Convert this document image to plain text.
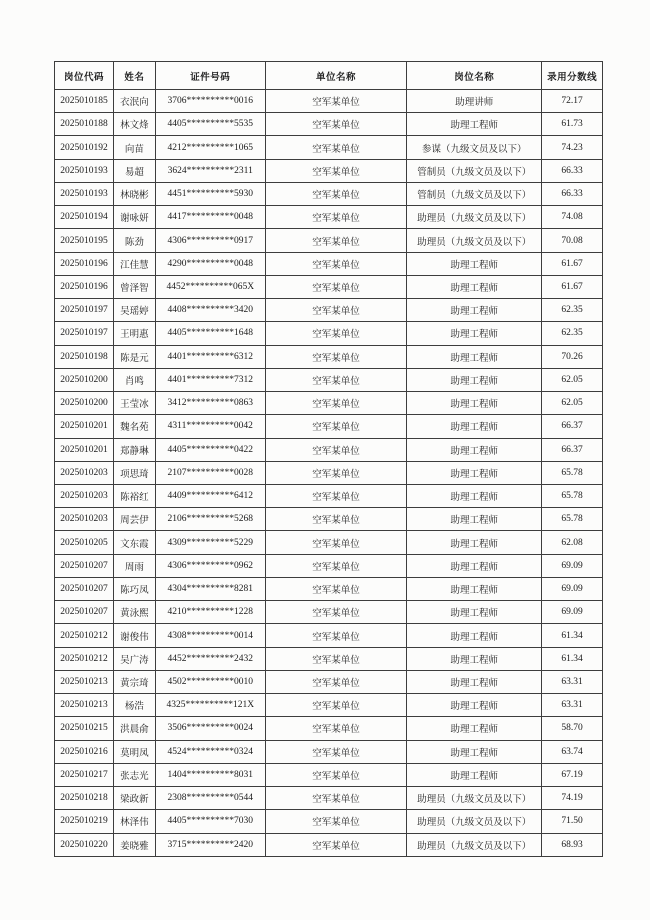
岗位代码	姓名	证件号码	单位名称	岗位名称	录用分数线
2025010185	衣泯向	3706**********0016	空军某单位	助理讲师	72.17
2025010188	林文烽	4405**********5535	空军某单位	助理工程师	61.73
2025010192	向苗	4212**********1065	空军某单位	参谋（九级文员及以下）	74.23
2025010193	易超	3624**********2311	空军某单位	管制员（九级文员及以下）	66.33
2025010193	林晓彬	4451**********5930	空军某单位	管制员（九级文员及以下）	66.33
2025010194	谢咏妍	4417**********0048	空军某单位	助理员（九级文员及以下）	74.08
2025010195	陈劲	4306**********0917	空军某单位	助理员（九级文员及以下）	70.08
2025010196	江佳慧	4290**********0048	空军某单位	助理工程师	61.67
2025010196	曾泽智	4452**********065X	空军某单位	助理工程师	61.67
2025010197	吴瑶婷	4408**********3420	空军某单位	助理工程师	62.35
2025010197	王明惠	4405**********1648	空军某单位	助理工程师	62.35
2025010198	陈是元	4401**********6312	空军某单位	助理工程师	70.26
2025010200	肖鸣	4401**********7312	空军某单位	助理工程师	62.05
2025010200	王莹冰	3412**********0863	空军某单位	助理工程师	62.05
2025010201	魏名苑	4311**********0042	空军某单位	助理工程师	66.37
2025010201	郑静琳	4405**********0422	空军某单位	助理工程师	66.37
2025010203	项思琦	2107**********0028	空军某单位	助理工程师	65.78
2025010203	陈裕红	4409**********6412	空军某单位	助理工程师	65.78
2025010203	周芸伊	2106**********5268	空军某单位	助理工程师	65.78
2025010205	文东霞	4309**********5229	空军某单位	助理工程师	62.08
2025010207	周雨	4306**********0962	空军某单位	助理工程师	69.09
2025010207	陈巧凤	4304**********8281	空军某单位	助理工程师	69.09
2025010207	黄泳熙	4210**********1228	空军某单位	助理工程师	69.09
2025010212	谢俊伟	4308**********0014	空军某单位	助理工程师	61.34
2025010212	吴广涛	4452**********2432	空军某单位	助理工程师	61.34
2025010213	黄宗琦	4502**********0010	空军某单位	助理工程师	63.31
2025010213	杨浩	4325**********121X	空军某单位	助理工程师	63.31
2025010215	洪晨俞	3506**********0024	空军某单位	助理工程师	58.70
2025010216	莫明凤	4524**********0324	空军某单位	助理工程师	63.74
2025010217	张志光	1404**********8031	空军某单位	助理工程师	67.19
2025010218	梁政新	2308**********0544	空军某单位	助理员（九级文员及以下）	74.19
2025010219	林泽伟	4405**********7030	空军某单位	助理员（九级文员及以下）	71.50
2025010220	姜晓雅	3715**********2420	空军某单位	助理员（九级文员及以下）	68.93
